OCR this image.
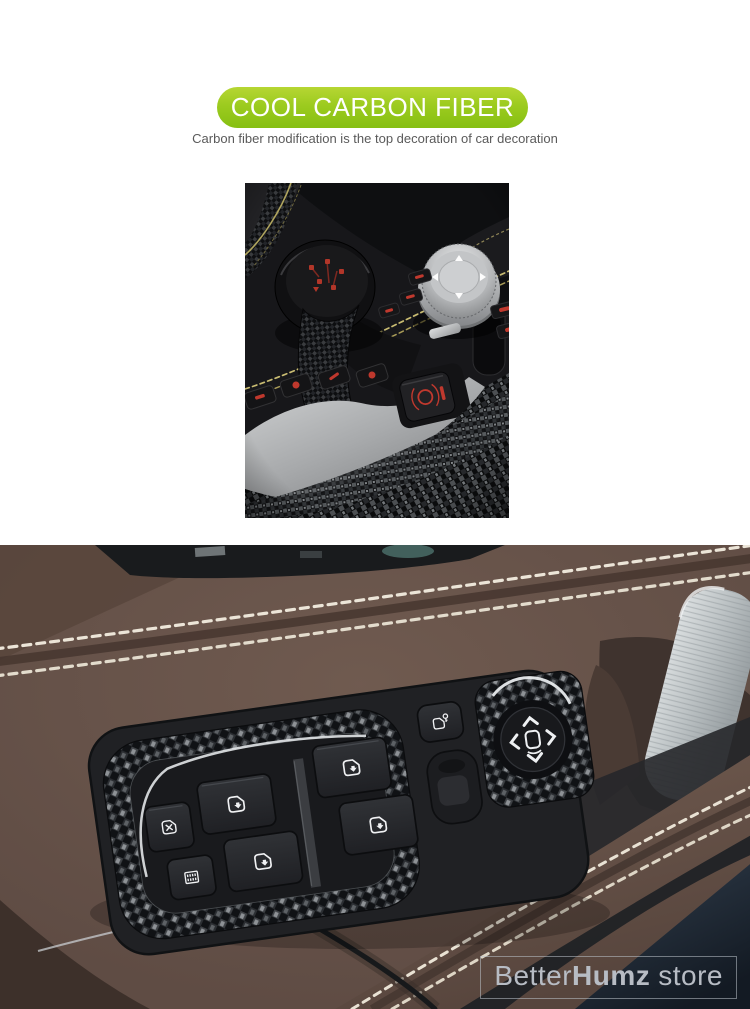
COOL CARBON FIBER

Carbon fiber modification is the top decoration of car decoration

BetterHumz store
